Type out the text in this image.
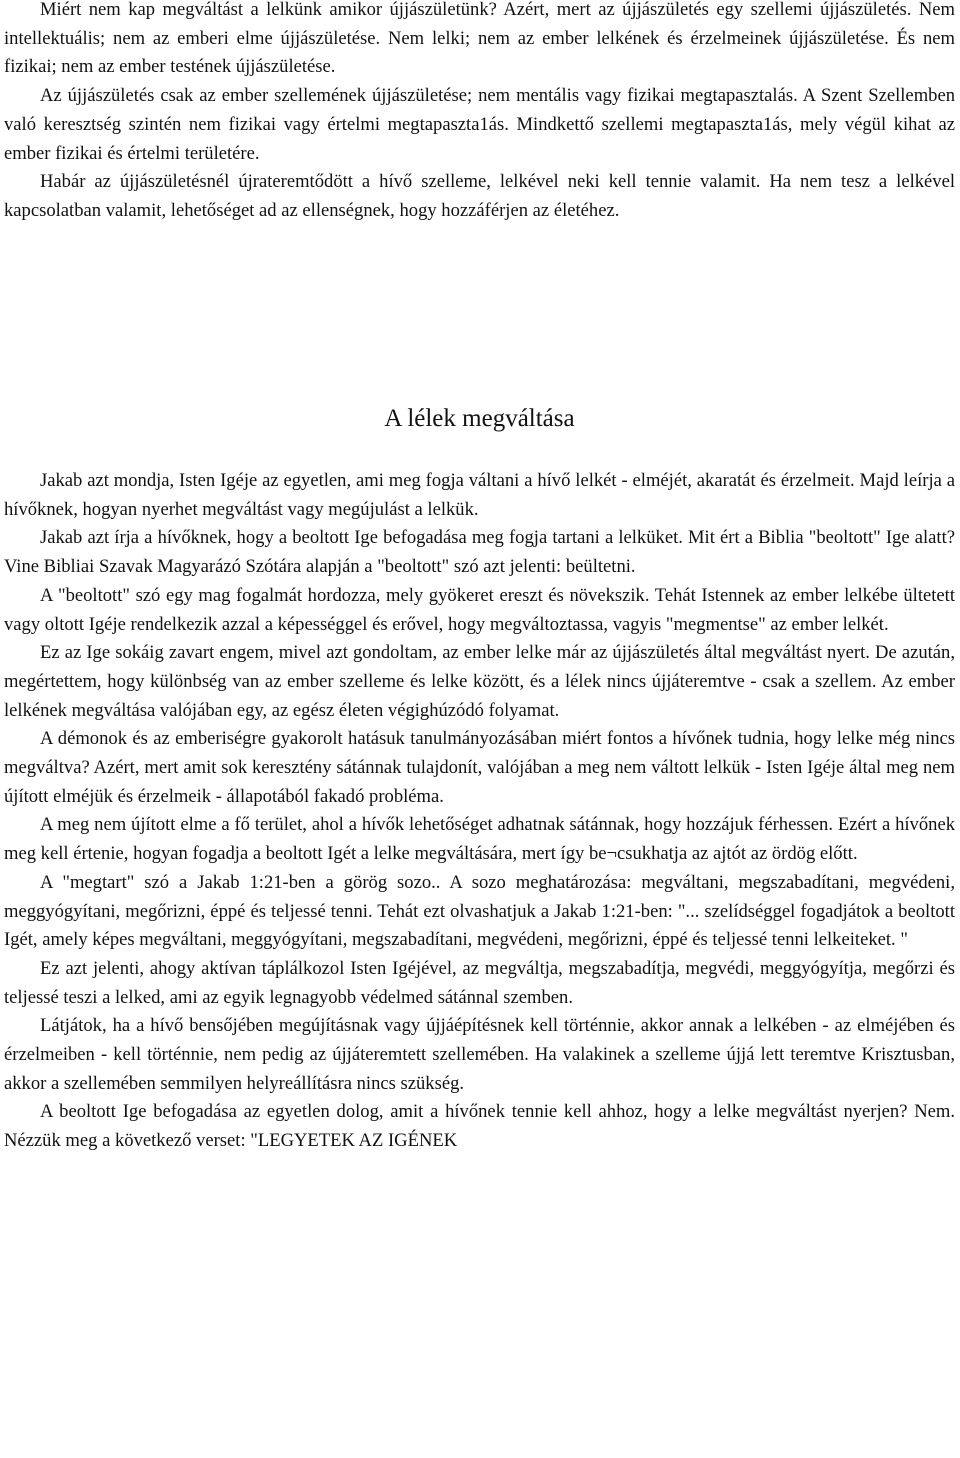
Miért nem kap megváltást a lelkünk amikor újjászületünk? Azért, mert az újjászületés egy szellemi újjászületés. Nem intellektuális; nem az emberi elme újjászületése. Nem lelki; nem az ember lelkének és érzelmeinek újjászületése. És nem fizikai; nem az ember testének újjászületése.

Az újjászületés csak az ember szellemének újjászületése; nem mentális vagy fizikai megtapasztalás. A Szent Szellemben való keresztség szintén nem fizikai vagy értelmi megtapaszta1ás. Mindkettő szellemi megtapaszta1ás, mely végül kihat az ember fizikai és értelmi területére.

Habár az újjászületésnél újrateremtődött a hívő szelleme, lelkével neki kell tennie valamit. Ha nem tesz a lelkével kapcsolatban valamit, lehetőséget ad az ellenségnek, hogy hozzáférjen az életéhez.

A lélek megváltása

Jakab azt mondja, Isten Igéje az egyetlen, ami meg fogja váltani a hívő lelkét - elméjét, akaratát és érzelmeit. Majd leírja a hívőknek, hogyan nyerhet megváltást vagy megújulást a lelkük.

Jakab azt írja a hívőknek, hogy a beoltott Ige befogadása meg fogja tartani a lelküket. Mit ért a Biblia "beoltott" Ige alatt? Vine Bibliai Szavak Magyarázó Szótára alapján a "beoltott" szó azt jelenti: beültetni.

A "beoltott" szó egy mag fogalmát hordozza, mely gyökeret ereszt és növekszik. Tehát Istennek az ember lelkébe ültetett vagy oltott Igéje rendelkezik azzal a képességgel és erővel, hogy megváltoztassa, vagyis "megmentse" az ember lelkét.

Ez az Ige sokáig zavart engem, mivel azt gondoltam, az ember lelke már az újjászületés által megváltást nyert. De azután, megértettem, hogy különbség van az ember szelleme és lelke között, és a lélek nincs újjáteremtve - csak a szellem. Az ember lelkének megváltása valójában egy, az egész életen végighúzódó folyamat.

A démonok és az emberiségre gyakorolt hatásuk tanulmányozásában miért fontos a hívőnek tudnia, hogy lelke még nincs megváltva? Azért, mert amit sok keresztény sátánnak tulajdonít, valójában a meg nem váltott lelkük - Isten Igéje által meg nem újított elméjük és érzelmeik - állapotából fakadó probléma.

A meg nem újított elme a fő terület, ahol a hívők lehetőséget adhatnak sátánnak, hogy hozzájuk férhessen. Ezért a hívőnek meg kell értenie, hogyan fogadja a beoltott Igét a lelke megváltására, mert így be¬csukhatja az ajtót az ördög előtt.

A "megtart" szó a Jakab 1:21-ben a görög sozo.. A sozo meghatározása: megváltani, megszabadítani, megvédeni, meggyógyítani, megőrizni, éppé és teljessé tenni. Tehát ezt olvashatjuk a Jakab 1:21-ben: "... szelídséggel fogadjátok a beoltott Igét, amely képes megváltani, meggyógyítani, megszabadítani, megvédeni, megőrizni, éppé és teljessé tenni lelkeiteket. "

Ez azt jelenti, ahogy aktívan táplálkozol Isten Igéjével, az megváltja, megszabadítja, megvédi, meggyógyítja, megőrzi és teljessé teszi a lelked, ami az egyik legnagyobb védelmed sátánnal szemben.

Látjátok, ha a hívő bensőjében megújításnak vagy újjáépítésnek kell történnie, akkor annak a lelkében - az elméjében és érzelmeiben - kell történnie, nem pedig az újjáteremtett szellemében. Ha valakinek a szelleme újjá lett teremtve Krisztusban, akkor a szellemében semmilyen helyreállításra nincs szükség.

A beoltott Ige befogadása az egyetlen dolog, amit a hívőnek tennie kell ahhoz, hogy a lelke megváltást nyerjen? Nem. Nézzük meg a következő verset: "LEGYETEK AZ IGÉNEK
